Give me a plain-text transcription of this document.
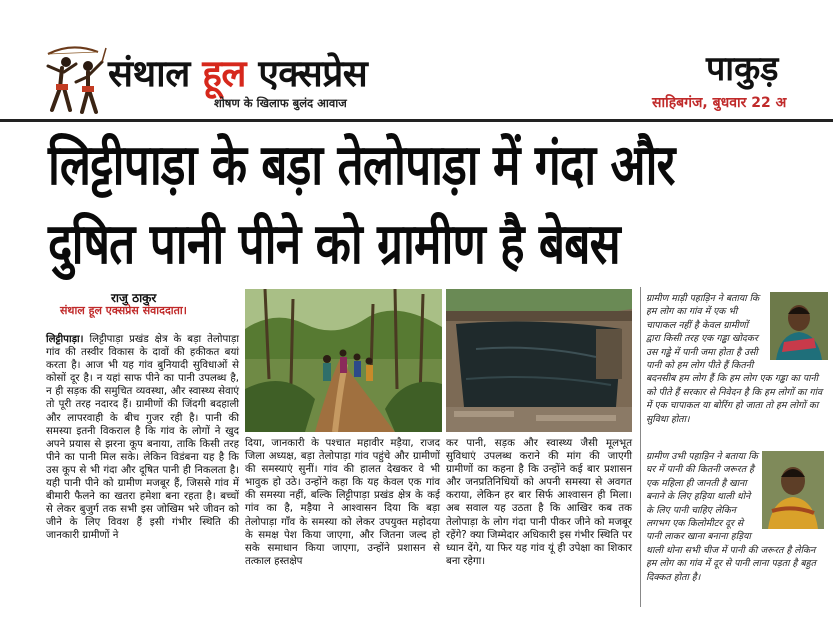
संथाल हूल एक्सप्रेस
शोषण के खिलाफ बुलंद आवाज
पाकुड़
साहिबगंज, बुधवार 22 अ
लिट्टीपाड़ा के बड़ा तेलोपाड़ा में गंदा और
दुषित पानी पीने को ग्रामीण है बेबस
राजु ठाकुर
संथाल हूल एक्सप्रेस संवाददाता।
लिट्टीपाड़ा। लिट्टीपाड़ा प्रखंड क्षेत्र के बड़ा तेलोपाड़ा गांव की तस्वीर विकास के दावों की हकीकत बयां करता है। आज भी यह गांव बुनियादी सुविधाओं से कोसों दूर है। न यहां साफ पीने का पानी उपलब्ध है, न ही सड़क की समुचित व्यवस्था, और स्वास्थ्य सेवाएं तो पूरी तरह नदारद हैं। ग्रामीणों की जिंदगी बदहाली और लापरवाही के बीच गुजर रही है। पानी की समस्या इतनी विकराल है कि गांव के लोगों ने खुद अपने प्रयास से झरना कूप बनाया, ताकि किसी तरह पीने का पानी मिल सके। लेकिन विडंबना यह है कि उस कूप से भी गंदा और दूषित पानी ही निकलता है। यही पानी पीने को ग्रामीण मजबूर हैं, जिससे गांव में बीमारी फैलने का खतरा हमेशा बना रहता है। बच्चों से लेकर बुजुर्ग तक सभी इस जोखिम भरे जीवन को जीने के लिए विवश हैं इसी गंभीर स्थिति की जानकारी ग्रामीणों ने
दिया, जानकारी के पश्चात महावीर मड़ैया, राजद जिला अध्यक्ष, बड़ा तेलोपाड़ा गांव पहुंचे और ग्रामीणों की समस्याएं सुनीं। गांव की हालत देखकर वे भी भावुक हो उठे। उन्होंने कहा कि यह केवल एक गांव की समस्या नहीं, बल्कि लिट्टीपाड़ा प्रखंड क्षेत्र के कई गांव का है, मड़ैया ने आश्वासन दिया कि बड़ा तेलोपाड़ा गाँव के समस्या को लेकर उपयुक्त महोदया के समक्ष पेश किया जाएगा, और जितना जल्द हो सके समाधान किया जाएगा, उन्होंने प्रशासन से तत्काल हस्तक्षेप
कर पानी, सड़क और स्वास्थ्य जैसी मूलभूत सुविधाएं उपलब्ध कराने की मांग की जाएगी ग्रामीणों का कहना है कि उन्होंने कई बार प्रशासन और जनप्रतिनिधियों को अपनी समस्या से अवगत कराया, लेकिन हर बार सिर्फ आश्वासन ही मिला। अब सवाल यह उठता है कि आखिर कब तक तेलोपाड़ा के लोग गंदा पानी पीकर जीने को मजबूर रहेंगे? क्या जिम्मेदार अधिकारी इस गंभीर स्थिति पर ध्यान देंगे, या फिर यह गांव यूं ही उपेक्षा का शिकार बना रहेगा।
ग्रामीण माड़ी पहाड़िन ने बताया कि हम लोग का गांव में एक भी चापाकल नहीं है केवल ग्रामीणों द्वारा किसी तरह एक गड्ढा खोदकर उस गड्ढे में पानी जमा होता है उसी पानी को हम लोग पीते हैं कितनी बदनसीब हम लोग हैं कि हम लोग एक गड्ढा का पानी को पीते हैं सरकार से निवेदन है कि हम लोगों का गांव में एक चापाकल या बोरिंग हो जाता तो हम लोगों का सुविधा होता।
ग्रामीण उभी पहाड़िन ने बताया कि घर में पानी की कितनी जरूरत है एक महिला ही जानती है खाना बनाने के लिए हड़िया थाली धोने के लिए पानी चाहिए लेकिन लगभग एक किलोमीटर दूर से पानी लाकर खाना बनाना हड़िया थाली धोना सभी चीज में पानी की जरूरत है लेकिन हम लोग का गांव में दूर से पानी लाना पड़ता है बहुत दिक्कत होता है।
